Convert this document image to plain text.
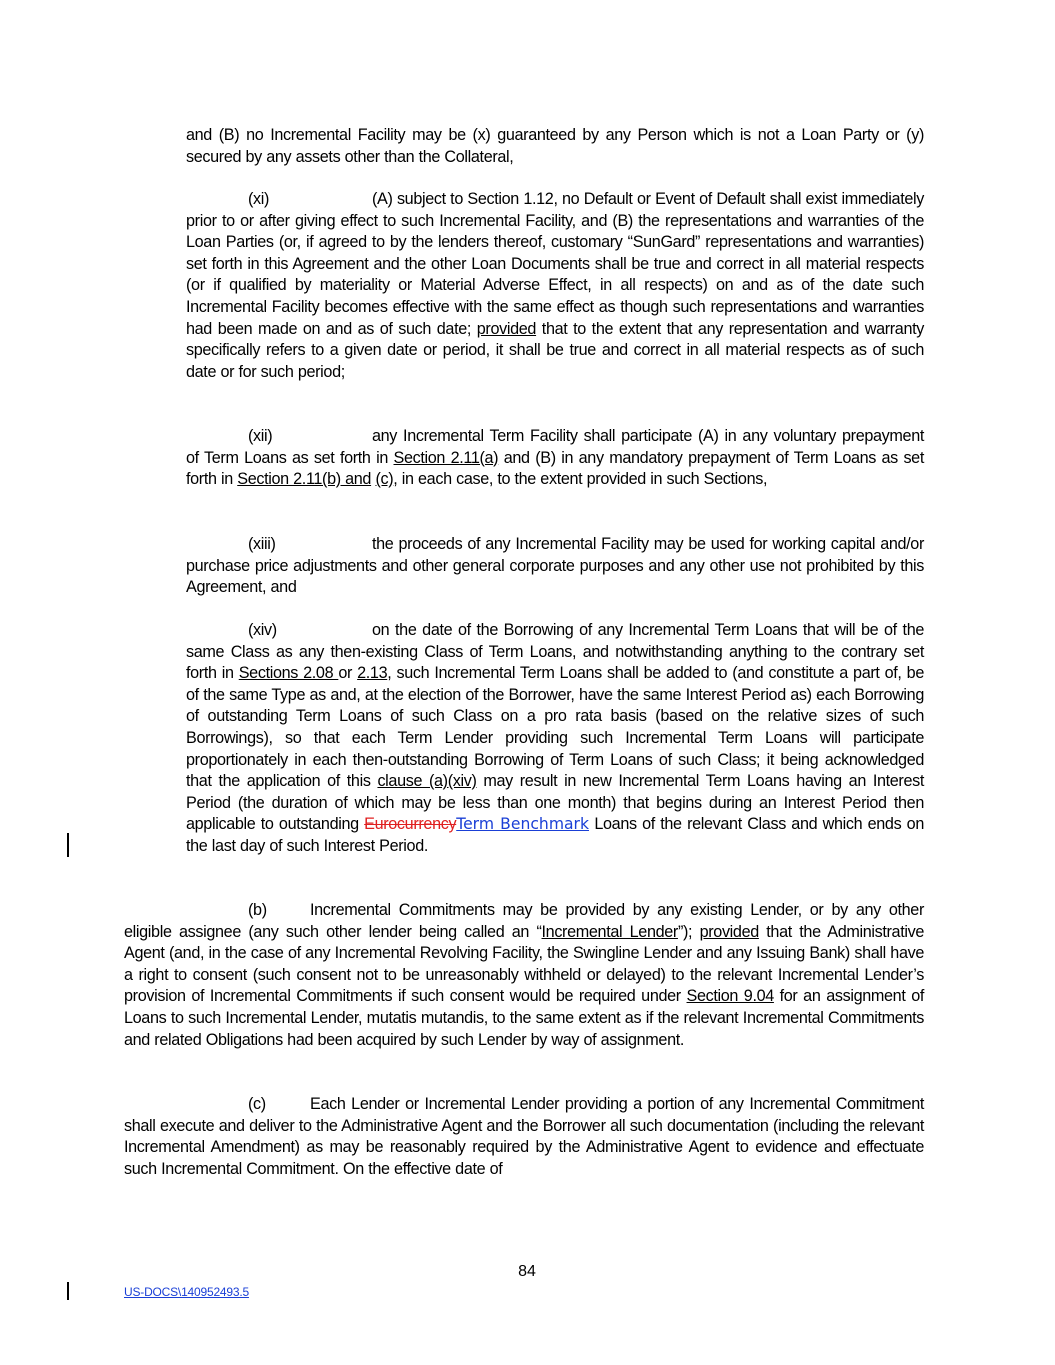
and (B) no Incremental Facility may be (x) guaranteed by any Person which is not a Loan Party or (y) secured by any assets other than the Collateral,

(xi)	(A) subject to Section 1.12, no Default or Event of Default shall exist immediately prior to or after giving effect to such Incremental Facility, and (B) the representations and warranties of the Loan Parties (or, if agreed to by the lenders thereof, customary “SunGard” representations and warranties) set forth in this Agreement and the other Loan Documents shall be true and correct in all material respects (or if qualified by materiality or Material Adverse Effect, in all respects) on and as of the date such Incremental Facility becomes effective with the same effect as though such representations and warranties had been made on and as of such date; provided that to the extent that any representation and warranty specifically refers to a given date or period, it shall be true and correct in all material respects as of such date or for such period;

(xii)	any Incremental Term Facility shall participate (A) in any voluntary prepayment of Term Loans as set forth in Section 2.11(a) and (B) in any mandatory prepayment of Term Loans as set forth in Section 2.11(b) and (c), in each case, to the extent provided in such Sections,

(xiii)	the proceeds of any Incremental Facility may be used for working capital and/or purchase price adjustments and other general corporate purposes and any other use not prohibited by this Agreement, and

(xiv)	on the date of the Borrowing of any Incremental Term Loans that will be of the same Class as any then-existing Class of Term Loans, and notwithstanding anything to the contrary set forth in Sections 2.08 or 2.13, such Incremental Term Loans shall be added to (and constitute a part of, be of the same Type as and, at the election of the Borrower, have the same Interest Period as) each Borrowing of outstanding Term Loans of such Class on a pro rata basis (based on the relative sizes of such Borrowings), so that each Term Lender providing such Incremental Term Loans will participate proportionately in each then-outstanding Borrowing of Term Loans of such Class; it being acknowledged that the application of this clause (a)(xiv) may result in new Incremental Term Loans having an Interest Period (the duration of which may be less than one month) that begins during an Interest Period then applicable to outstanding EurocurrencyTerm Benchmark Loans of the relevant Class and which ends on the last day of such Interest Period.

(b)	Incremental Commitments may be provided by any existing Lender, or by any other eligible assignee (any such other lender being called an “Incremental Lender”); provided that the Administrative Agent (and, in the case of any Incremental Revolving Facility, the Swingline Lender and any Issuing Bank) shall have a right to consent (such consent not to be unreasonably withheld or delayed) to the relevant Incremental Lender’s provision of Incremental Commitments if such consent would be required under Section 9.04 for an assignment of Loans to such Incremental Lender, mutatis mutandis, to the same extent as if the relevant Incremental Commitments and related Obligations had been acquired by such Lender by way of assignment.

(c)	Each Lender or Incremental Lender providing a portion of any Incremental Commitment shall execute and deliver to the Administrative Agent and the Borrower all such documentation (including the relevant Incremental Amendment) as may be reasonably required by the Administrative Agent to evidence and effectuate such Incremental Commitment. On the effective date of

84
US-DOCS\140952493.5
